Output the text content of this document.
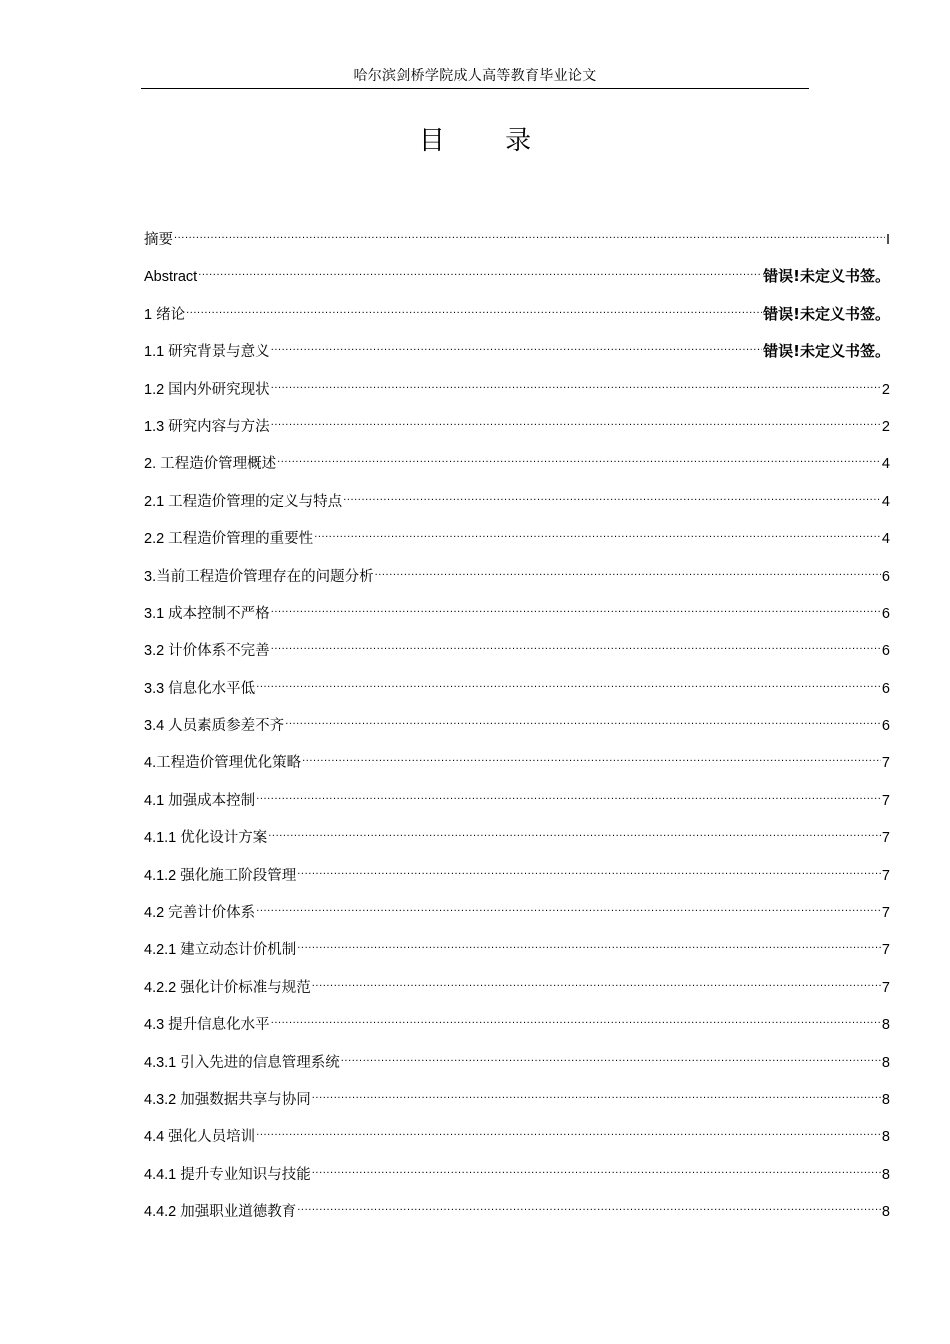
哈尔滨剑桥学院成人高等教育毕业论文
目 录
摘要 .....	I
Abstract .....	错误!未定义书签。
1 绪论 .....	错误!未定义书签。
1.1 研究背景与意义 .....	错误!未定义书签。
1.2 国内外研究现状 .....	2
1.3 研究内容与方法 .....	2
2. 工程造价管理概述 .....	4
2.1 工程造价管理的定义与特点 .....	4
2.2 工程造价管理的重要性 .....	4
3.当前工程造价管理存在的问题分析 .....	6
3.1 成本控制不严格 .....	6
3.2 计价体系不完善 .....	6
3.3 信息化水平低 .....	6
3.4 人员素质参差不齐 .....	6
4.工程造价管理优化策略 .....	7
4.1 加强成本控制 .....	7
4.1.1 优化设计方案 .....	7
4.1.2 强化施工阶段管理 .....	7
4.2 完善计价体系 .....	7
4.2.1 建立动态计价机制 .....	7
4.2.2 强化计价标准与规范 .....	7
4.3 提升信息化水平 .....	8
4.3.1 引入先进的信息管理系统 .....	8
4.3.2 加强数据共享与协同 .....	8
4.4 强化人员培训 .....	8
4.4.1 提升专业知识与技能 .....	8
4.4.2 加强职业道德教育 .....	8
